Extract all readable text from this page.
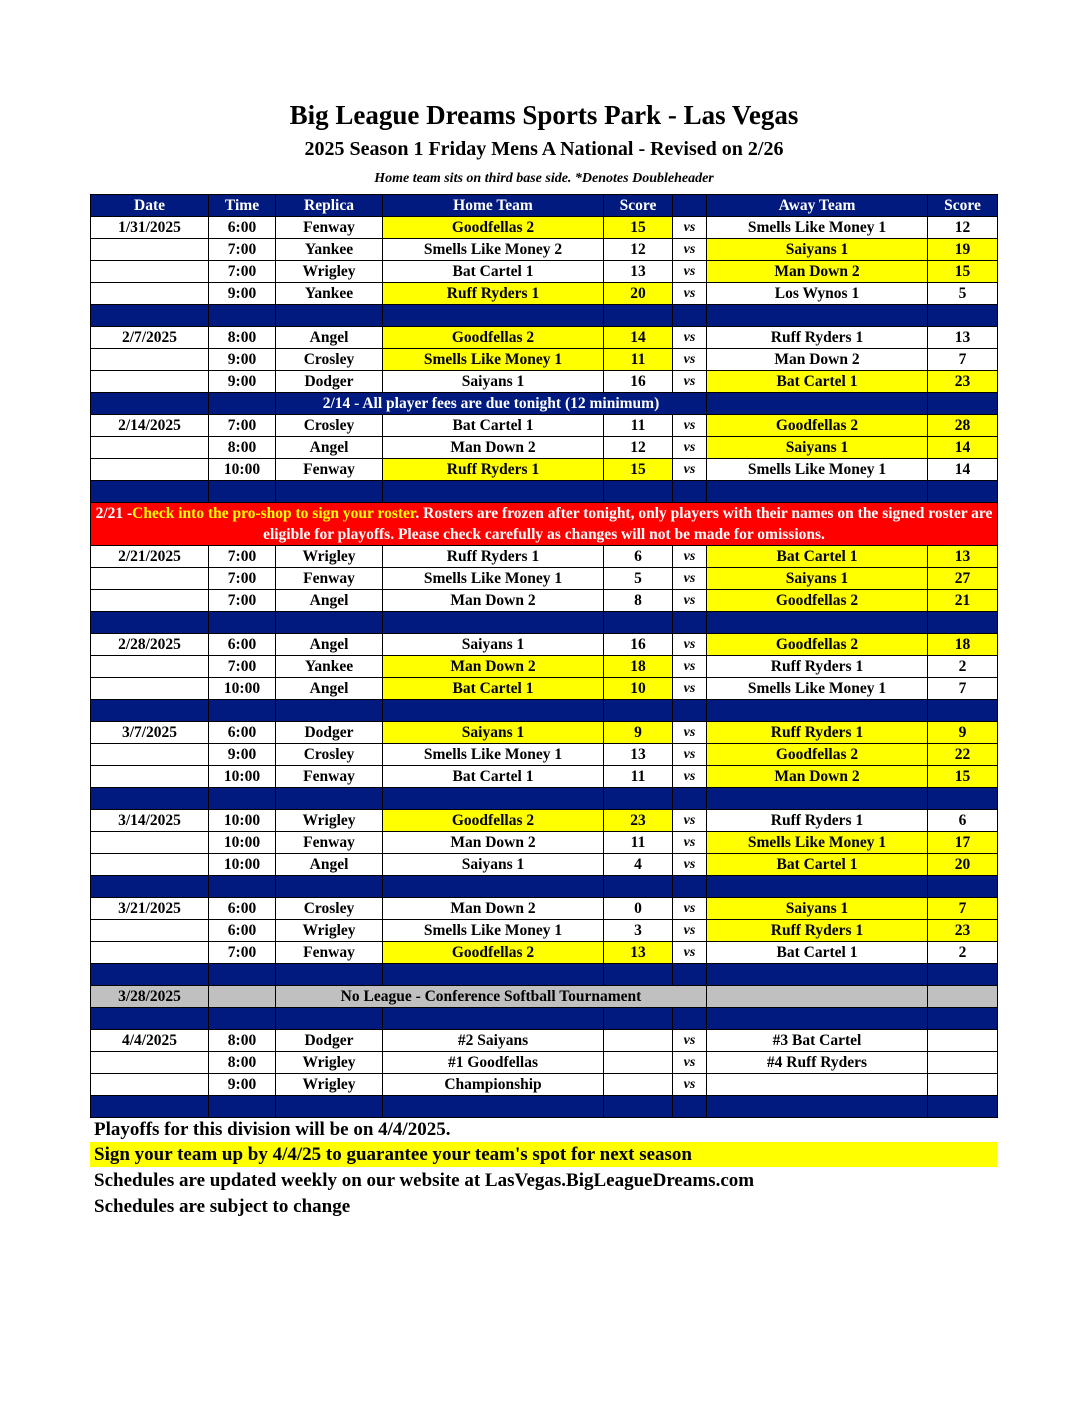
Big League Dreams Sports Park - Las Vegas
2025 Season 1 Friday Mens A National - Revised on 2/26
Home team sits on third base side. *Denotes Doubleheader
Date	Time	Replica	Home Team	Score		Away Team	Score
1/31/2025	6:00	Fenway	Goodfellas 2	15	vs	Smells Like Money 1	12
	7:00	Yankee	Smells Like Money 2	12	vs	Saiyans 1	19
	7:00	Wrigley	Bat Cartel 1	13	vs	Man Down 2	15
	9:00	Yankee	Ruff Ryders 1	20	vs	Los Wynos 1	5

2/7/2025	8:00	Angel	Goodfellas 2	14	vs	Ruff Ryders 1	13
	9:00	Crosley	Smells Like Money 1	11	vs	Man Down 2	7
	9:00	Dodger	Saiyans 1	16	vs	Bat Cartel 1	23
		2/14 - All player fees are due tonight (12 minimum)					
2/14/2025	7:00	Crosley	Bat Cartel 1	11	vs	Goodfellas 2	28
	8:00	Angel	Man Down 2	12	vs	Saiyans 1	14
	10:00	Fenway	Ruff Ryders 1	15	vs	Smells Like Money 1	14

2/21 -Check into the pro-shop to sign your roster. Rosters are frozen after tonight, only players with their names on the signed roster are eligible for playoffs. Please check carefully as changes will not be made for omissions.							
2/21/2025	7:00	Wrigley	Ruff Ryders 1	6	vs	Bat Cartel 1	13
	7:00	Fenway	Smells Like Money 1	5	vs	Saiyans 1	27
	7:00	Angel	Man Down 2	8	vs	Goodfellas 2	21

2/28/2025	6:00	Angel	Saiyans 1	16	vs	Goodfellas 2	18
	7:00	Yankee	Man Down 2	18	vs	Ruff Ryders 1	2
	10:00	Angel	Bat Cartel 1	10	vs	Smells Like Money 1	7

3/7/2025	6:00	Dodger	Saiyans 1	9	vs	Ruff Ryders 1	9
	9:00	Crosley	Smells Like Money 1	13	vs	Goodfellas 2	22
	10:00	Fenway	Bat Cartel 1	11	vs	Man Down 2	15

3/14/2025	10:00	Wrigley	Goodfellas 2	23	vs	Ruff Ryders 1	6
	10:00	Fenway	Man Down 2	11	vs	Smells Like Money 1	17
	10:00	Angel	Saiyans 1	4	vs	Bat Cartel 1	20

3/21/2025	6:00	Crosley	Man Down 2	0	vs	Saiyans 1	7
	6:00	Wrigley	Smells Like Money 1	3	vs	Ruff Ryders 1	23
	7:00	Fenway	Goodfellas 2	13	vs	Bat Cartel 1	2

3/28/2025		No League - Conference Softball Tournament					

4/4/2025	8:00	Dodger	#2 Saiyans		vs	#3 Bat Cartel	
	8:00	Wrigley	#1 Goodfellas		vs	#4 Ruff Ryders	
	9:00	Wrigley	Championship		vs		

Playoffs for this division will be on 4/4/2025.
Sign your team up by 4/4/25 to guarantee your team's spot for next season
Schedules are updated weekly on our website at LasVegas.BigLeagueDreams.com
Schedules are subject to change
